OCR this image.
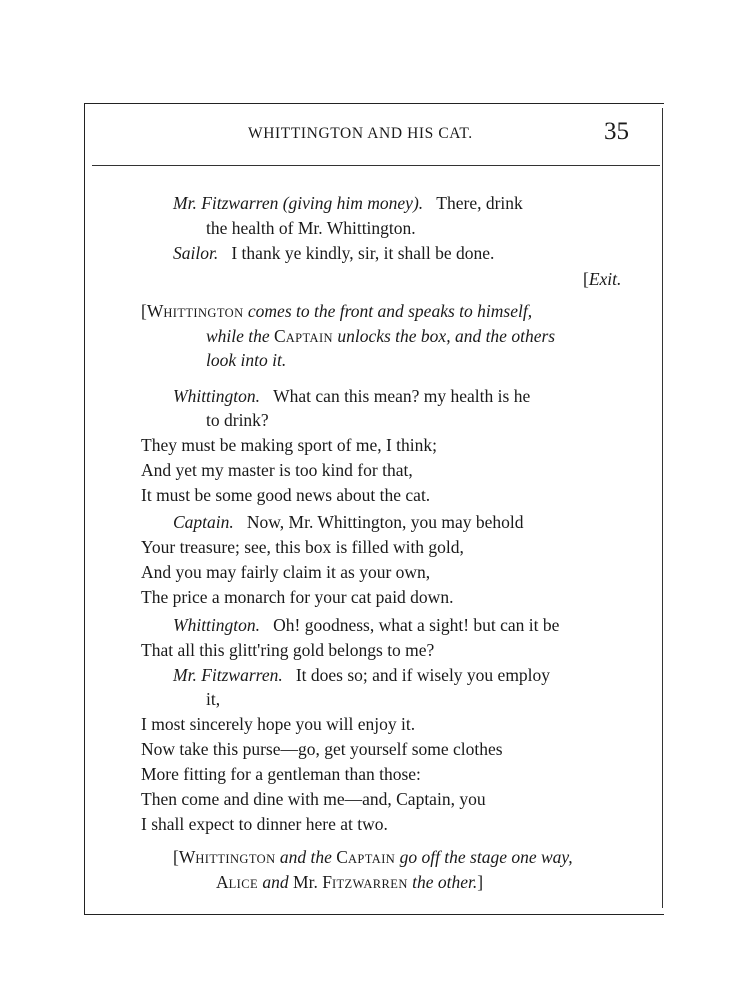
WHITTINGTON AND HIS CAT.	35
Mr. Fitzwarren (giving him money). There, drink
the health of Mr. Whittington.
Sailor. I thank ye kindly, sir, it shall be done.
[Exit.
[WHITTINGTON comes to the front and speaks to himself,
while the CAPTAIN unlocks the box, and the others
look into it.
Whittington. What can this mean? my health is he
to drink?
They must be making sport of me, I think;
And yet my master is too kind for that,
It must be some good news about the cat.
Captain. Now, Mr. Whittington, you may behold
Your treasure; see, this box is filled with gold,
And you may fairly claim it as your own,
The price a monarch for your cat paid down.
Whittington. Oh! goodness, what a sight! but can it be
That all this glitt'ring gold belongs to me?
Mr. Fitzwarren. It does so; and if wisely you employ
it,
I most sincerely hope you will enjoy it.
Now take this purse—go, get yourself some clothes
More fitting for a gentleman than those:
Then come and dine with me—and, Captain, you
I shall expect to dinner here at two.
[WHITTINGTON and the CAPTAIN go off the stage one way,
ALICE and Mr. FITZWARREN the other.]
